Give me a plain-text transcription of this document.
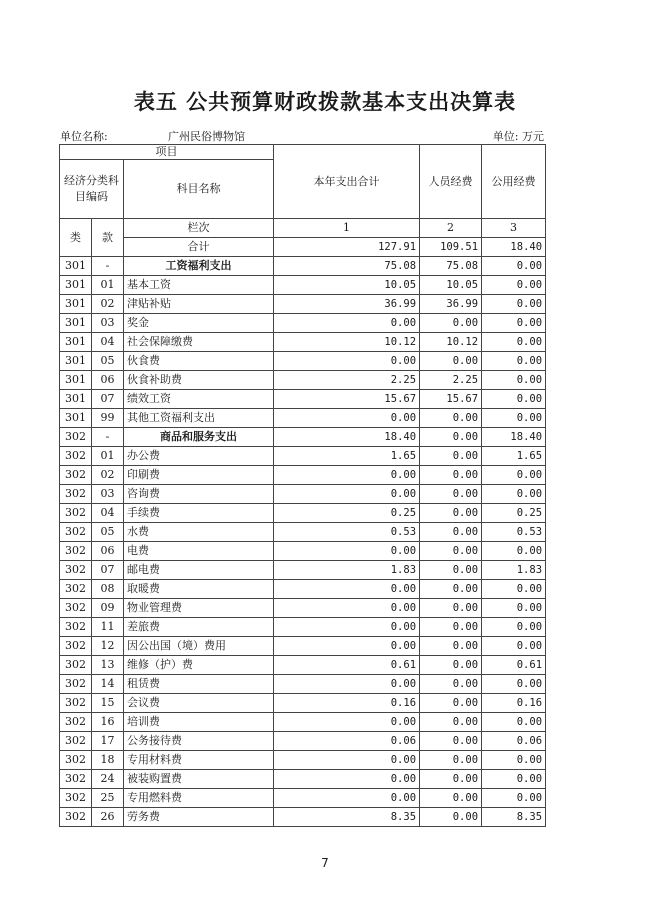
表五 公共预算财政拨款基本支出决算表
单位名称:	广州民俗博物馆	单位: 万元
项目			本年支出合计	人员经费	公用经费
经济分类科目编码		科目名称			
类	款	栏次	1	2	3
		合计	127.91	109.51	18.40
301	-	工资福利支出	75.08	75.08	0.00
301	01	基本工资	10.05	10.05	0.00
301	02	津贴补贴	36.99	36.99	0.00
301	03	奖金	0.00	0.00	0.00
301	04	社会保障缴费	10.12	10.12	0.00
301	05	伙食费	0.00	0.00	0.00
301	06	伙食补助费	2.25	2.25	0.00
301	07	绩效工资	15.67	15.67	0.00
301	99	其他工资福利支出	0.00	0.00	0.00
302	-	商品和服务支出	18.40	0.00	18.40
302	01	办公费	1.65	0.00	1.65
302	02	印刷费	0.00	0.00	0.00
302	03	咨询费	0.00	0.00	0.00
302	04	手续费	0.25	0.00	0.25
302	05	水费	0.53	0.00	0.53
302	06	电费	0.00	0.00	0.00
302	07	邮电费	1.83	0.00	1.83
302	08	取暖费	0.00	0.00	0.00
302	09	物业管理费	0.00	0.00	0.00
302	11	差旅费	0.00	0.00	0.00
302	12	因公出国（境）费用	0.00	0.00	0.00
302	13	维修（护）费	0.61	0.00	0.61
302	14	租赁费	0.00	0.00	0.00
302	15	会议费	0.16	0.00	0.16
302	16	培训费	0.00	0.00	0.00
302	17	公务接待费	0.06	0.00	0.06
302	18	专用材料费	0.00	0.00	0.00
302	24	被装购置费	0.00	0.00	0.00
302	25	专用燃料费	0.00	0.00	0.00
302	26	劳务费	8.35	0.00	8.35
7
